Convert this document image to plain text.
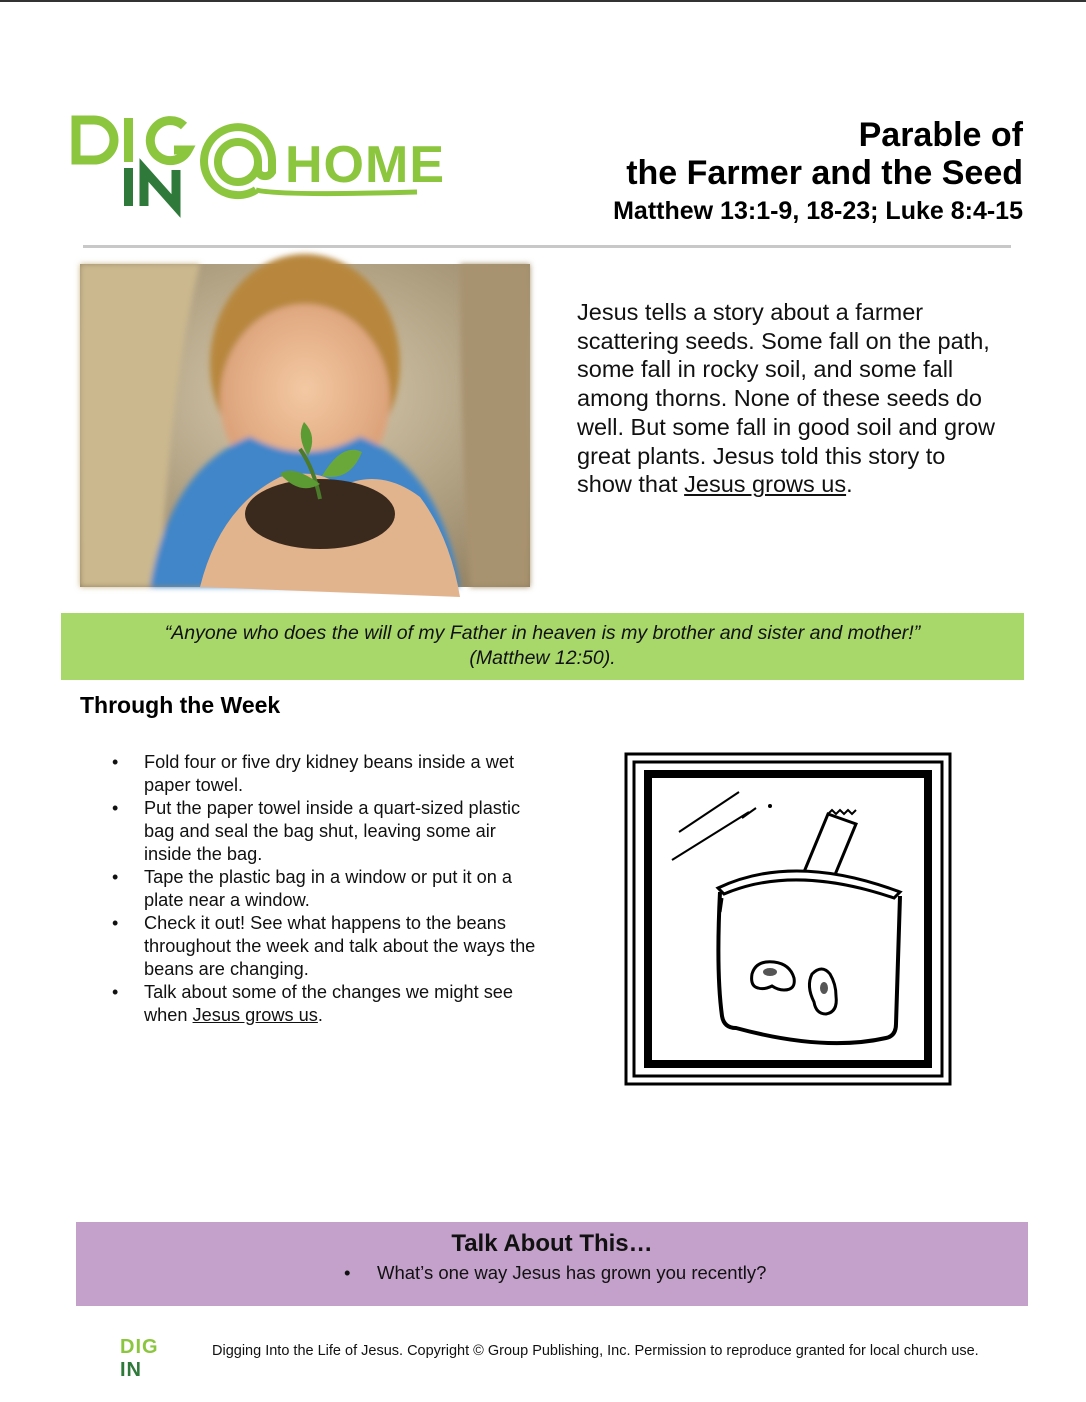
HOME
Parable of
the Farmer and the Seed
Matthew 13:1-9, 18-23; Luke 8:4-15
Jesus tells a story about a farmer scattering seeds. Some fall on the path, some fall in rocky soil, and some fall among thorns. None of these seeds do well. But some fall in good soil and grow great plants. Jesus told this story to show that Jesus grows us.
“Anyone who does the will of my Father in heaven is my brother and sister and mother!”
(Matthew 12:50).
Through the Week
• Fold four or five dry kidney beans inside a wet paper towel.
• Put the paper towel inside a quart-sized plastic bag and seal the bag shut, leaving some air inside the bag.
• Tape the plastic bag in a window or put it on a plate near a window.
• Check it out! See what happens to the beans throughout the week and talk about the ways the beans are changing.
• Talk about some of the changes we might see when Jesus grows us.
Talk About This…
• What’s one way Jesus has grown you recently?
DIG IN
Digging Into the Life of Jesus. Copyright © Group Publishing, Inc. Permission to reproduce granted for local church use.
